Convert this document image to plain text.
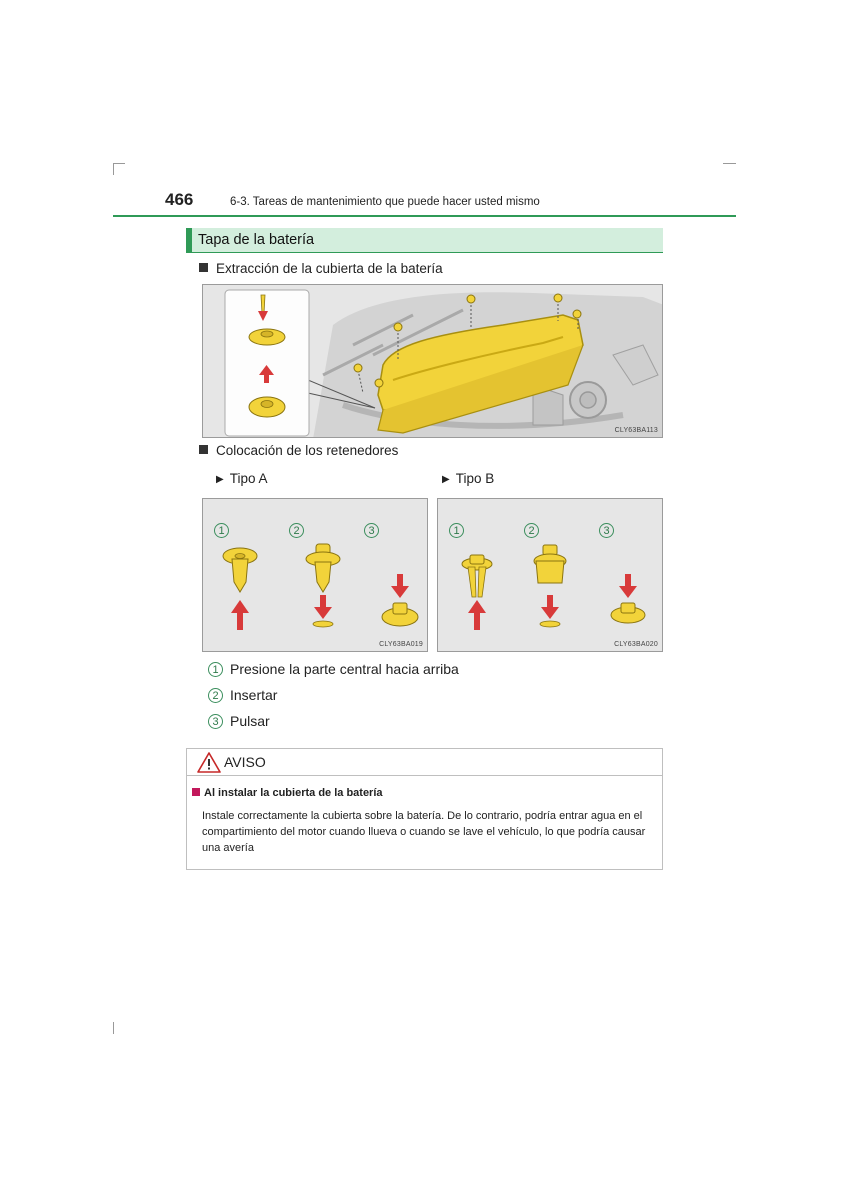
466	6-3. Tareas de mantenimiento que puede hacer usted mismo
Tapa de la batería
Extracción de la cubierta de la batería
CLY63BA113
Colocación de los retenedores
▶ Tipo A	▶ Tipo B
1	2	3
CLY63BA019
1	2	3
CLY63BA020
1 Presione la parte central hacia arriba
2 Insertar
3 Pulsar
AVISO
Al instalar la cubierta de la batería
Instale correctamente la cubierta sobre la batería. De lo contrario, podría entrar agua en el compartimiento del motor cuando llueva o cuando se lave el vehículo, lo que podría causar una avería
